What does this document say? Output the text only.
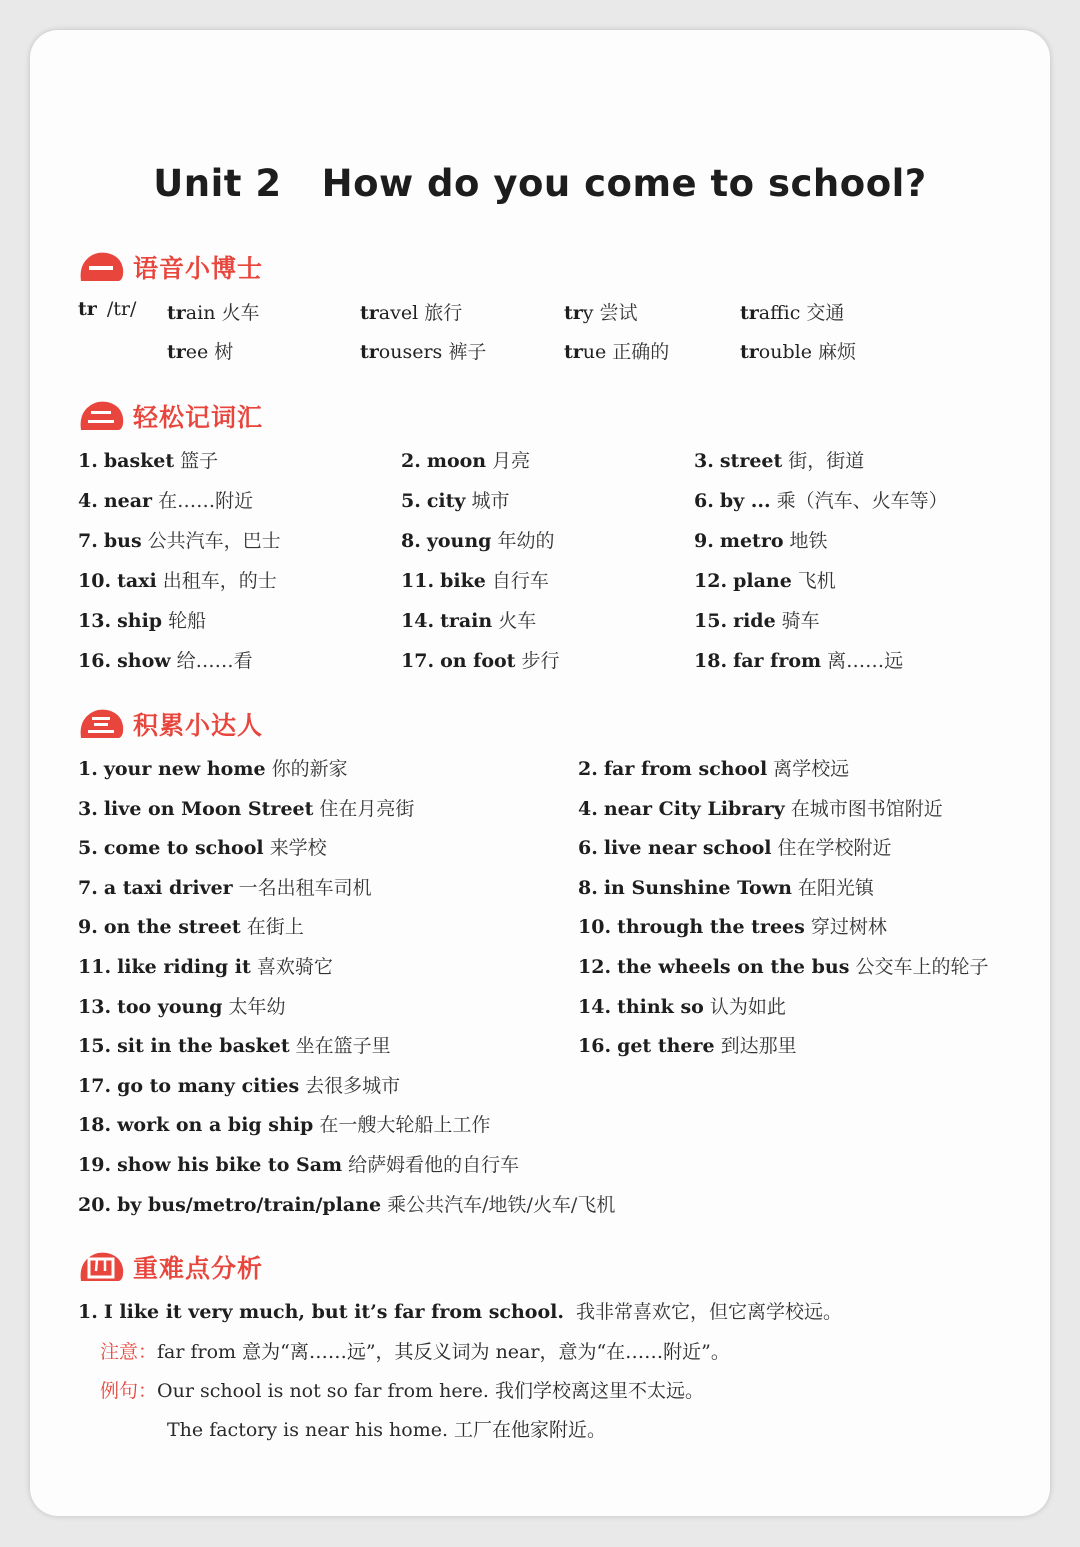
Unit 2 How do you come to school?
语音小博士
tr /tr/ train 火车	travel 旅行	try 尝试	traffic 交通
tree 树	trousers 裤子	true 正确的	trouble 麻烦
轻松记词汇
1. basket 篮子	2. moon 月亮	3. street 街，街道
4. near 在……附近	5. city 城市	6. by ... 乘（汽车、火车等）
7. bus 公共汽车，巴士	8. young 年幼的	9. metro 地铁
10. taxi 出租车，的士	11. bike 自行车	12. plane 飞机
13. ship 轮船	14. train 火车	15. ride 骑车
16. show 给……看	17. on foot 步行	18. far from 离……远
积累小达人
1. your new home 你的新家	2. far from school 离学校远
3. live on Moon Street 住在月亮街	4. near City Library 在城市图书馆附近
5. come to school 来学校	6. live near school 住在学校附近
7. a taxi driver 一名出租车司机	8. in Sunshine Town 在阳光镇
9. on the street 在街上	10. through the trees 穿过树林
11. like riding it 喜欢骑它	12. the wheels on the bus 公交车上的轮子
13. too young 太年幼	14. think so 认为如此
15. sit in the basket 坐在篮子里	16. get there 到达那里
17. go to many cities 去很多城市
18. work on a big ship 在一艘大轮船上工作
19. show his bike to Sam 给萨姆看他的自行车
20. by bus/metro/train/plane 乘公共汽车/地铁/火车/飞机
重难点分析
1. I like it very much, but it’s far from school. 我非常喜欢它，但它离学校远。
注意：far from 意为“离……远”，其反义词为 near，意为“在……附近”。
例句：Our school is not so far from here. 我们学校离这里不太远。
The factory is near his home. 工厂在他家附近。
